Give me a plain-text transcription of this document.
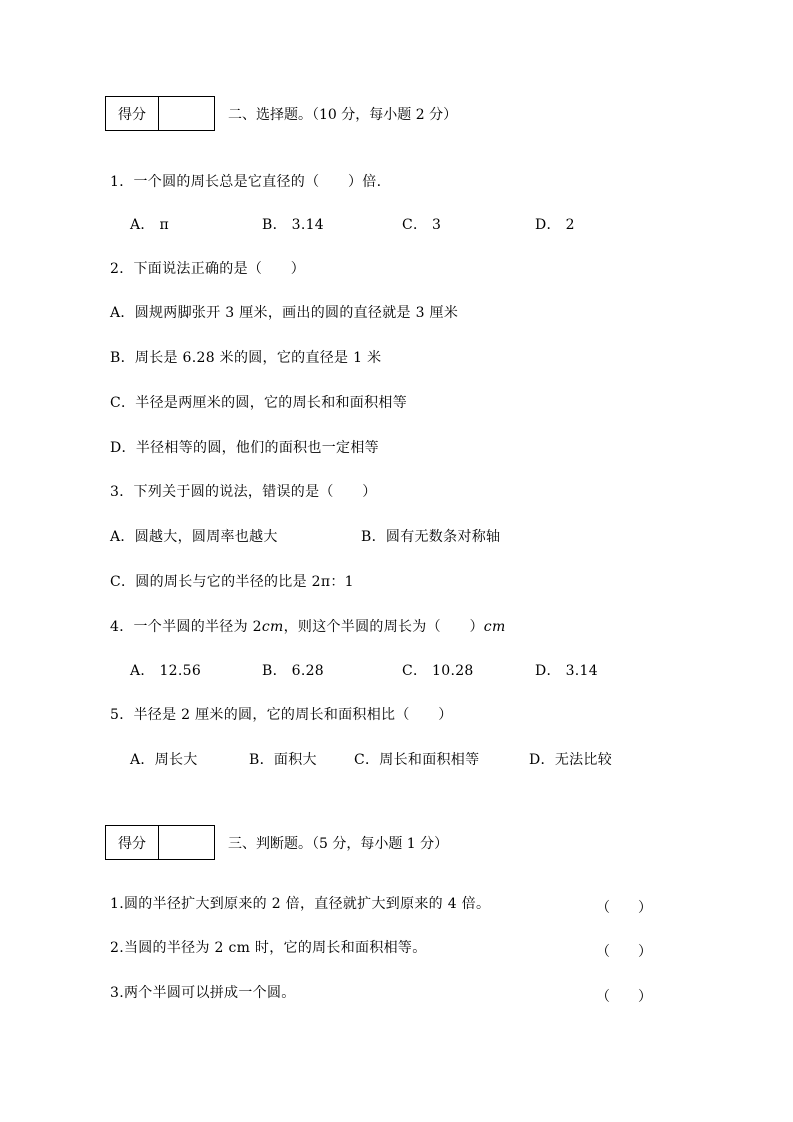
得分	二、选择题。（10 分，每小题 2 分）
1．一个圆的周长总是它直径的（　　）倍.
A． π	B． 3.14	C． 3	D． 2
2．下面说法正确的是（　　）
A．圆规两脚张开 3 厘米，画出的圆的直径就是 3 厘米
B．周长是 6.28 米的圆，它的直径是 1 米
C．半径是两厘米的圆，它的周长和和面积相等
D．半径相等的圆，他们的面积也一定相等
3．下列关于圆的说法，错误的是（　　）
A．圆越大，圆周率也越大	B．圆有无数条对称轴
C．圆的周长与它的半径的比是 2π：1
4．一个半圆的半径为 2cm，则这个半圆的周长为（　　）cm
A． 12.56	B． 6.28	C． 10.28	D． 3.14
5．半径是 2 厘米的圆，它的周长和面积相比（　　）
A．周长大	B．面积大	C．周长和面积相等	D．无法比较
得分	三、判断题。（5 分，每小题 1 分）
1.圆的半径扩大到原来的 2 倍，直径就扩大到原来的 4 倍。	（　　）
2.当圆的半径为 2 cm 时，它的周长和面积相等。	（　　）
3.两个半圆可以拼成一个圆。	（　　）
